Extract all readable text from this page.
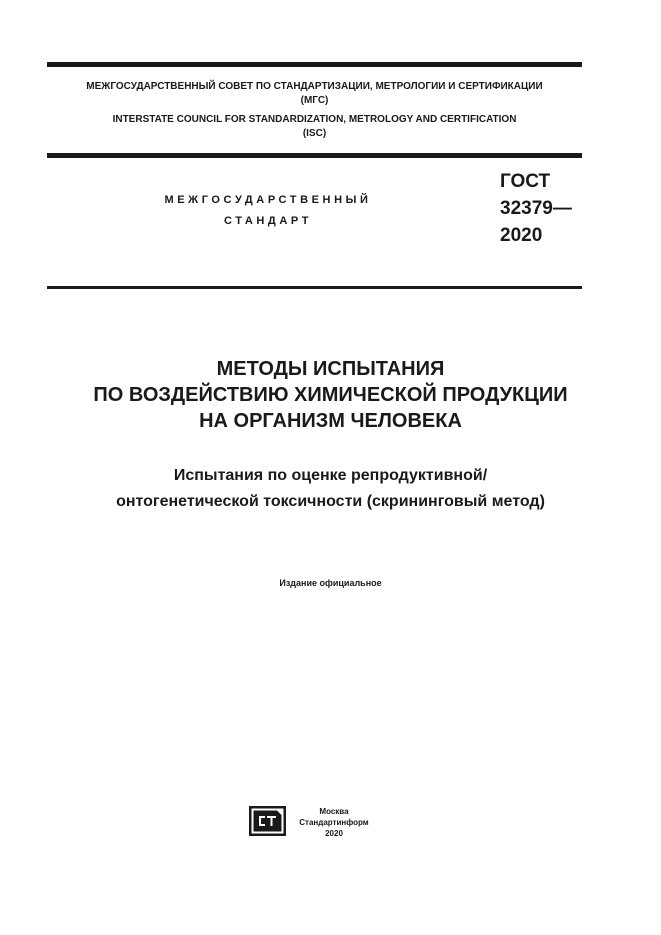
МЕЖГОСУДАРСТВЕННЫЙ СОВЕТ ПО СТАНДАРТИЗАЦИИ, МЕТРОЛОГИИ И СЕРТИФИКАЦИИ
(МГС)
INTERSTATE COUNCIL FOR STANDARDIZATION, METROLOGY AND CERTIFICATION
(ISC)
МЕЖГОСУДАРСТВЕННЫЙ
СТАНДАРТ
ГОСТ
32379—
2020
МЕТОДЫ ИСПЫТАНИЯ
ПО ВОЗДЕЙСТВИЮ ХИМИЧЕСКОЙ ПРОДУКЦИИ
НА ОРГАНИЗМ ЧЕЛОВЕКА
Испытания по оценке репродуктивной/
онтогенетической токсичности (скрининговый метод)
Издание официальное
Москва
Стандартинформ
2020
